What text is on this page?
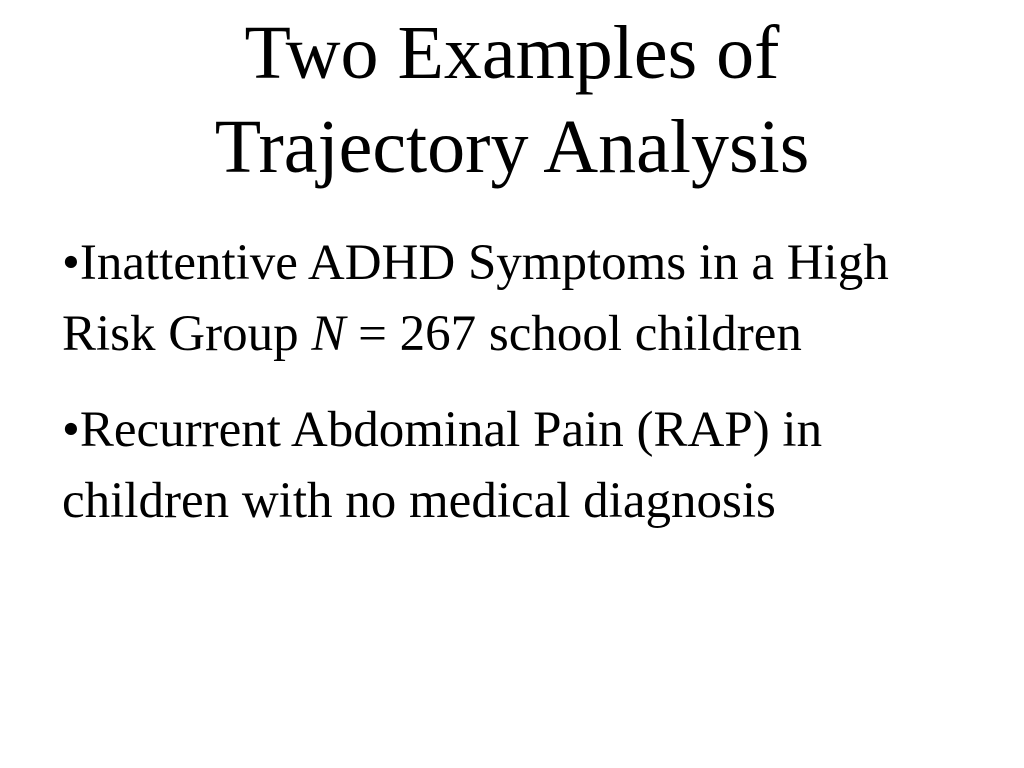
Two Examples of
Trajectory Analysis
•Inattentive ADHD Symptoms in a High Risk Group N = 267 school children
•Recurrent Abdominal Pain (RAP) in children with no medical diagnosis
